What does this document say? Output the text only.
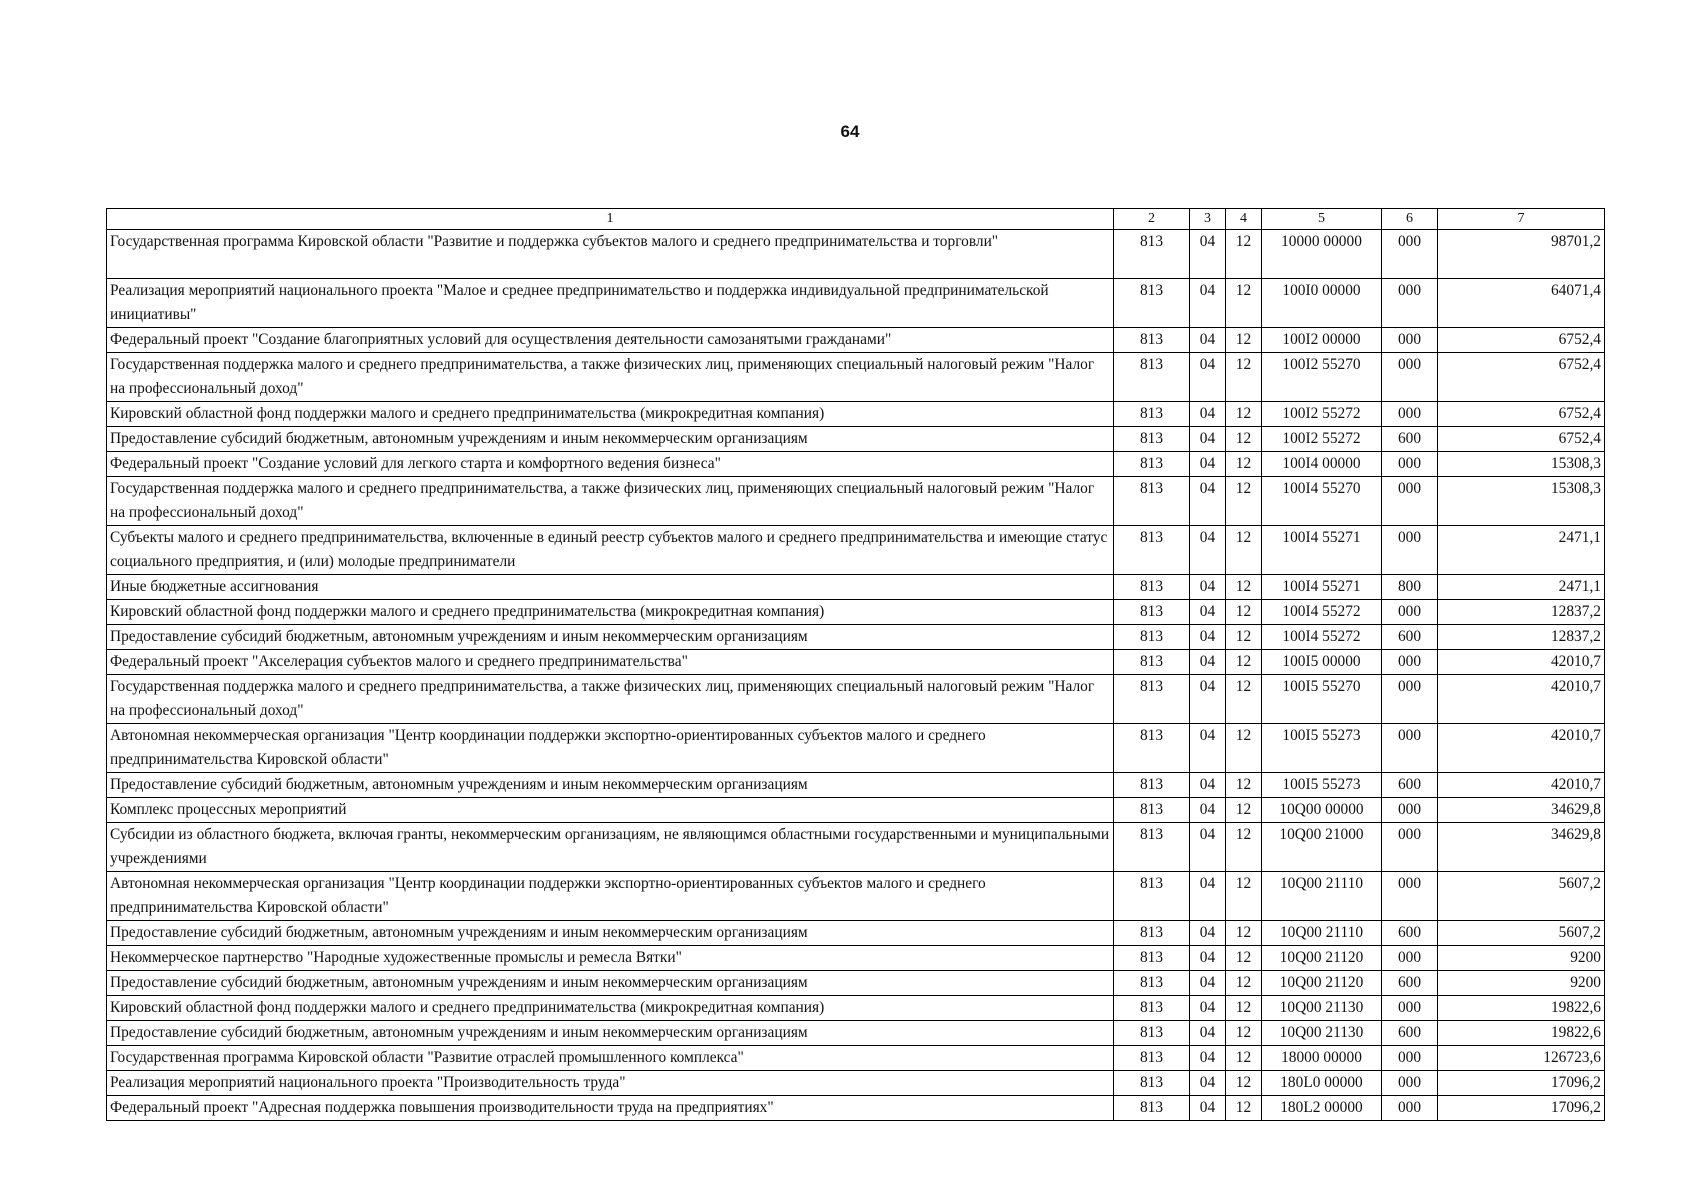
64
1	2	3	4	5	6	7
Государственная программа Кировской области "Развитие и поддержка субъектов малого и среднего предпринимательства и торговли"	813	04	12	10000 00000	000	98701,2
Реализация мероприятий национального проекта "Малое и среднее предпринимательство и поддержка индивидуальной предпринимательской инициативы"	813	04	12	100I0 00000	000	64071,4
Федеральный проект "Создание благоприятных условий для осуществления деятельности самозанятыми гражданами"	813	04	12	100I2 00000	000	6752,4
Государственная поддержка малого и среднего предпринимательства, а также физических лиц, применяющих специальный налоговый режим "Налог на профессиональный доход"	813	04	12	100I2 55270	000	6752,4
Кировский областной фонд поддержки малого и среднего предпринимательства (микрокредитная компания)	813	04	12	100I2 55272	000	6752,4
Предоставление субсидий бюджетным, автономным учреждениям и иным некоммерческим организациям	813	04	12	100I2 55272	600	6752,4
Федеральный проект "Создание условий для легкого старта и комфортного ведения бизнеса"	813	04	12	100I4 00000	000	15308,3
Государственная поддержка малого и среднего предпринимательства, а также физических лиц, применяющих специальный налоговый режим "Налог на профессиональный доход"	813	04	12	100I4 55270	000	15308,3
Субъекты малого и среднего предпринимательства, включенные в единый реестр субъектов малого и среднего предпринимательства и имеющие статус социального предприятия, и (или) молодые предприниматели	813	04	12	100I4 55271	000	2471,1
Иные бюджетные ассигнования	813	04	12	100I4 55271	800	2471,1
Кировский областной фонд поддержки малого и среднего предпринимательства (микрокредитная компания)	813	04	12	100I4 55272	000	12837,2
Предоставление субсидий бюджетным, автономным учреждениям и иным некоммерческим организациям	813	04	12	100I4 55272	600	12837,2
Федеральный проект "Акселерация субъектов малого и среднего предпринимательства"	813	04	12	100I5 00000	000	42010,7
Государственная поддержка малого и среднего предпринимательства, а также физических лиц, применяющих специальный налоговый режим "Налог на профессиональный доход"	813	04	12	100I5 55270	000	42010,7
Автономная некоммерческая организация "Центр координации поддержки экспортно-ориентированных субъектов малого и среднего предпринимательства Кировской области"	813	04	12	100I5 55273	000	42010,7
Предоставление субсидий бюджетным, автономным учреждениям и иным некоммерческим организациям	813	04	12	100I5 55273	600	42010,7
Комплекс процессных мероприятий	813	04	12	10Q00 00000	000	34629,8
Субсидии из областного бюджета, включая гранты, некоммерческим организациям, не являющимся областными государственными и муниципальными учреждениями	813	04	12	10Q00 21000	000	34629,8
Автономная некоммерческая организация "Центр координации поддержки экспортно-ориентированных субъектов малого и среднего предпринимательства Кировской области"	813	04	12	10Q00 21110	000	5607,2
Предоставление субсидий бюджетным, автономным учреждениям и иным некоммерческим организациям	813	04	12	10Q00 21110	600	5607,2
Некоммерческое партнерство "Народные художественные промыслы и ремесла Вятки"	813	04	12	10Q00 21120	000	9200
Предоставление субсидий бюджетным, автономным учреждениям и иным некоммерческим организациям	813	04	12	10Q00 21120	600	9200
Кировский областной фонд поддержки малого и среднего предпринимательства (микрокредитная компания)	813	04	12	10Q00 21130	000	19822,6
Предоставление субсидий бюджетным, автономным учреждениям и иным некоммерческим организациям	813	04	12	10Q00 21130	600	19822,6
Государственная программа Кировской области "Развитие отраслей промышленного комплекса"	813	04	12	18000 00000	000	126723,6
Реализация мероприятий национального проекта "Производительность труда"	813	04	12	180L0 00000	000	17096,2
Федеральный проект "Адресная поддержка повышения производительности труда на предприятиях"	813	04	12	180L2 00000	000	17096,2
